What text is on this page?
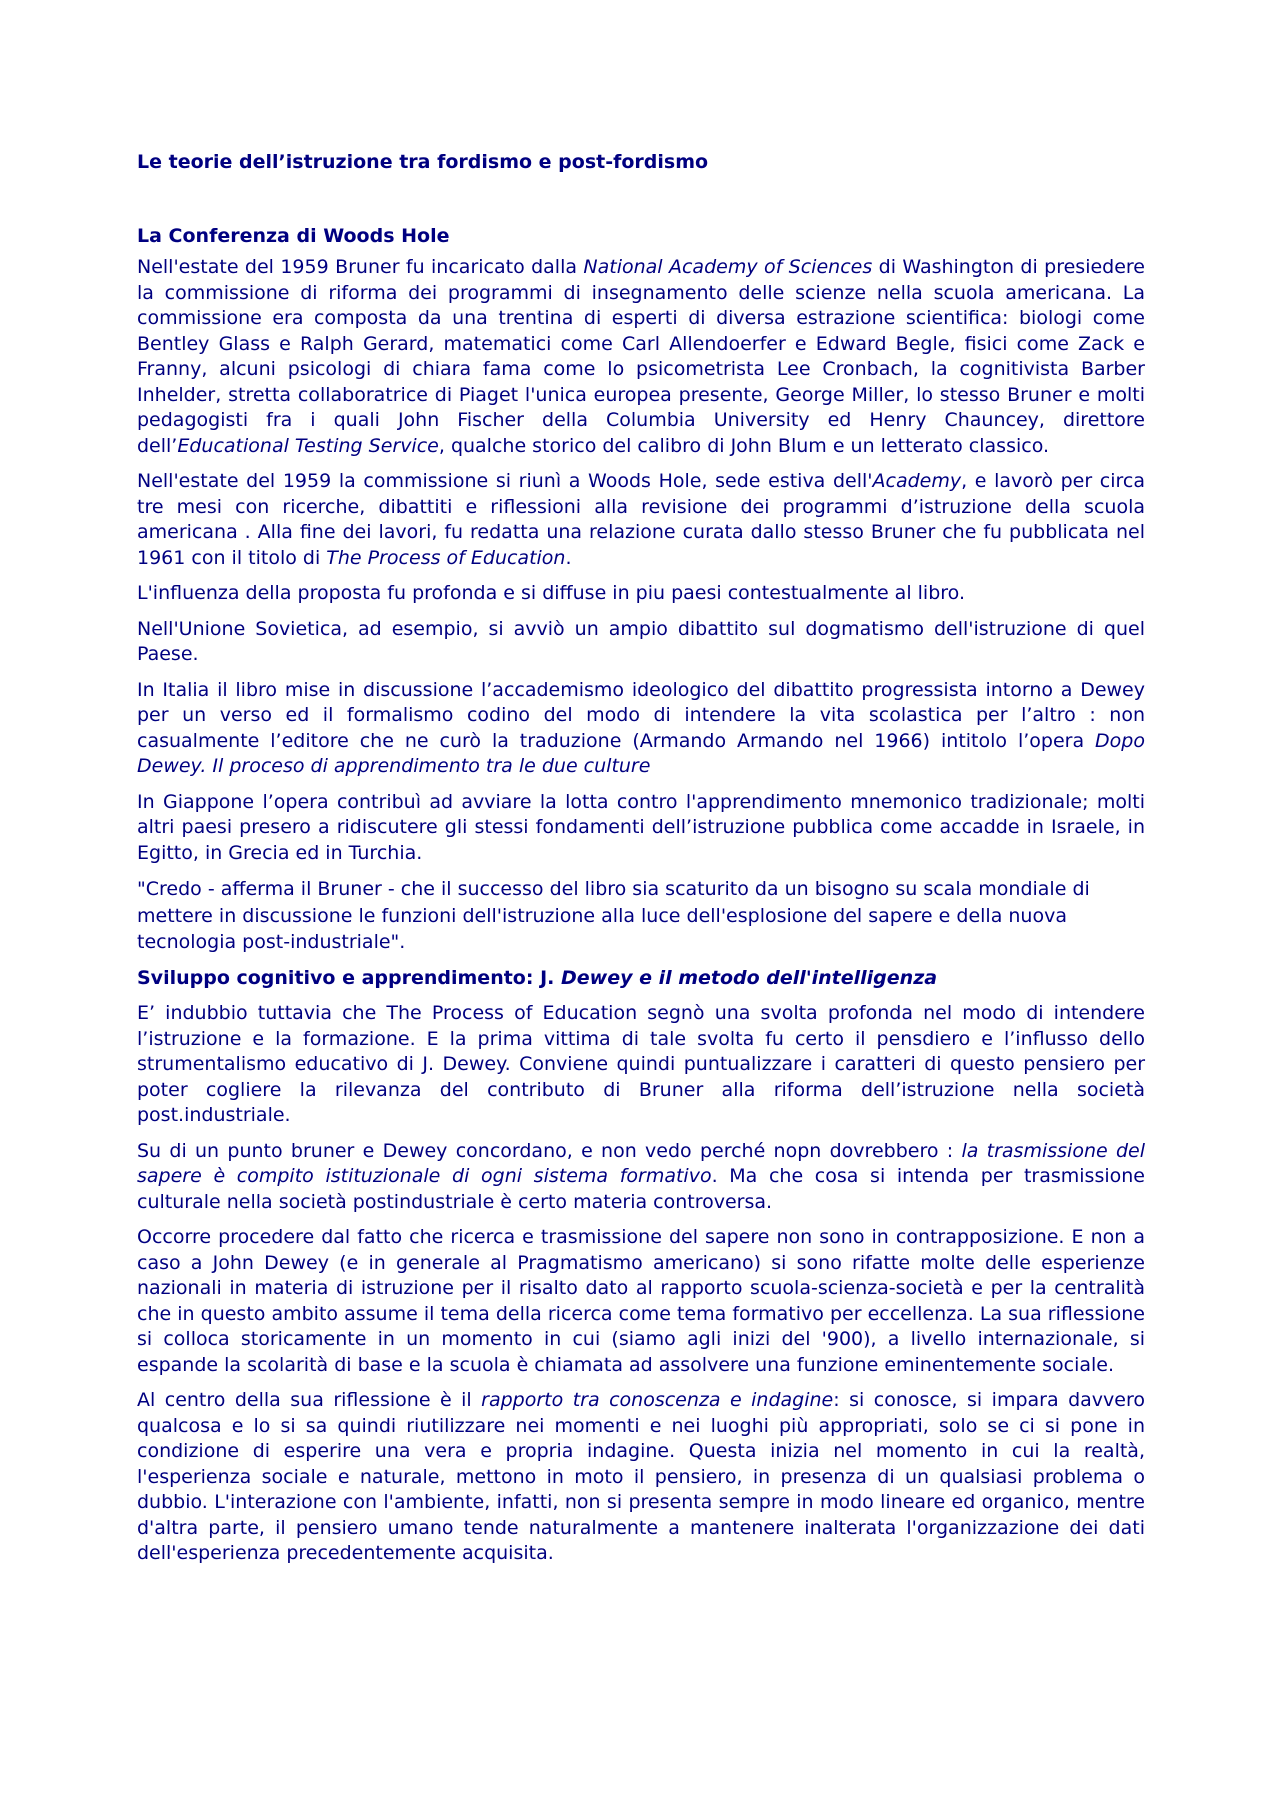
Le teorie dell’istruzione tra fordismo e post-fordismo
La Conferenza di Woods Hole

Nell'estate del 1959 Bruner fu incaricato dalla National Academy of Sciences di Washington di presiedere la commissione di riforma dei programmi di insegnamento delle scienze nella scuola americana. La commissione era composta da una trentina di esperti di diversa estrazione scientifica: biologi come Bentley Glass e Ralph Gerard, matematici come Carl Allendoerfer e Edward Begle, fisici come Zack e Franny, alcuni psicologi di chiara fama come lo psicometrista Lee Cronbach, la cognitivista Barber Inhelder, stretta collaboratrice di Piaget l'unica europea presente, George Miller, lo stesso Bruner e molti pedagogisti fra i quali John Fischer della Columbia University ed Henry Chauncey, direttore dell’Educational Testing Service, qualche storico del calibro di John Blum e un letterato classico.

Nell'estate del 1959 la commissione si riunì a Woods Hole, sede estiva dell'Academy, e lavorò per circa tre mesi con ricerche, dibattiti e riflessioni alla revisione dei programmi d’istruzione della scuola americana . Alla fine dei lavori, fu redatta una relazione curata dallo stesso Bruner che fu pubblicata nel 1961 con il titolo di The Process of Education.

L'influenza della proposta fu profonda e si diffuse in piu paesi contestualmente al libro.

Nell'Unione Sovietica, ad esempio, si avviò un ampio dibattito sul dogmatismo dell'istruzione di quel Paese.

In Italia il libro mise in discussione l’accademismo ideologico del dibattito progressista intorno a Dewey per un verso ed il formalismo codino del modo di intendere la vita scolastica per l’altro : non casualmente l’editore che ne curò la traduzione (Armando Armando nel 1966) intitolo l’opera Dopo Dewey. Il proceso di apprendimento tra le due culture

In Giappone l’opera contribuì ad avviare la lotta contro l'apprendimento mnemonico tradizionale; molti altri paesi presero a ridiscutere gli stessi fondamenti dell’istruzione pubblica come accadde in Israele, in Egitto, in Grecia ed in Turchia.

"Credo - afferma il Bruner - che il successo del libro sia scaturito da un bisogno su scala mondiale di mettere in discussione le funzioni dell'istruzione alla luce dell'esplosione del sapere e della nuova tecnologia post-industriale".

Sviluppo cognitivo e apprendimento: J. Dewey e il metodo dell'intelligenza

E’ indubbio tuttavia che The Process of Education segnò una svolta profonda nel modo di intendere l’istruzione e la formazione. E la prima vittima di tale svolta fu certo il pensdiero e l’influsso dello strumentalismo educativo di J. Dewey. Conviene quindi puntualizzare i caratteri di questo pensiero per poter cogliere la rilevanza del contributo di Bruner alla riforma dell’istruzione nella società post.industriale.

Su di un punto bruner e Dewey concordano, e non vedo perché nopn dovrebbero : la trasmissione del sapere è compito istituzionale di ogni sistema formativo. Ma che cosa si intenda per trasmissione culturale nella società postindustriale è certo materia controversa.

Occorre procedere dal fatto che ricerca e trasmissione del sapere non sono in contrapposizione. E non a caso a John Dewey (e in generale al Pragmatismo americano) si sono rifatte molte delle esperienze nazionali in materia di istruzione per il risalto dato al rapporto scuola-scienza-società e per la centralità che in questo ambito assume il tema della ricerca come tema formativo per eccellenza. La sua riflessione si colloca storicamente in un momento in cui (siamo agli inizi del '900), a livello internazionale, si espande la scolarità di base e la scuola è chiamata ad assolvere una funzione eminentemente sociale.

Al centro della sua riflessione è il rapporto tra conoscenza e indagine: si conosce, si impara davvero qualcosa e lo si sa quindi riutilizzare nei momenti e nei luoghi più appropriati, solo se ci si pone in condizione di esperire una vera e propria indagine. Questa inizia nel momento in cui la realtà, l'esperienza sociale e naturale, mettono in moto il pensiero, in presenza di un qualsiasi problema o dubbio. L'interazione con l'ambiente, infatti, non si presenta sempre in modo lineare ed organico, mentre d'altra parte, il pensiero umano tende naturalmente a mantenere inalterata l'organizzazione dei dati dell'esperienza precedentemente acquisita.
